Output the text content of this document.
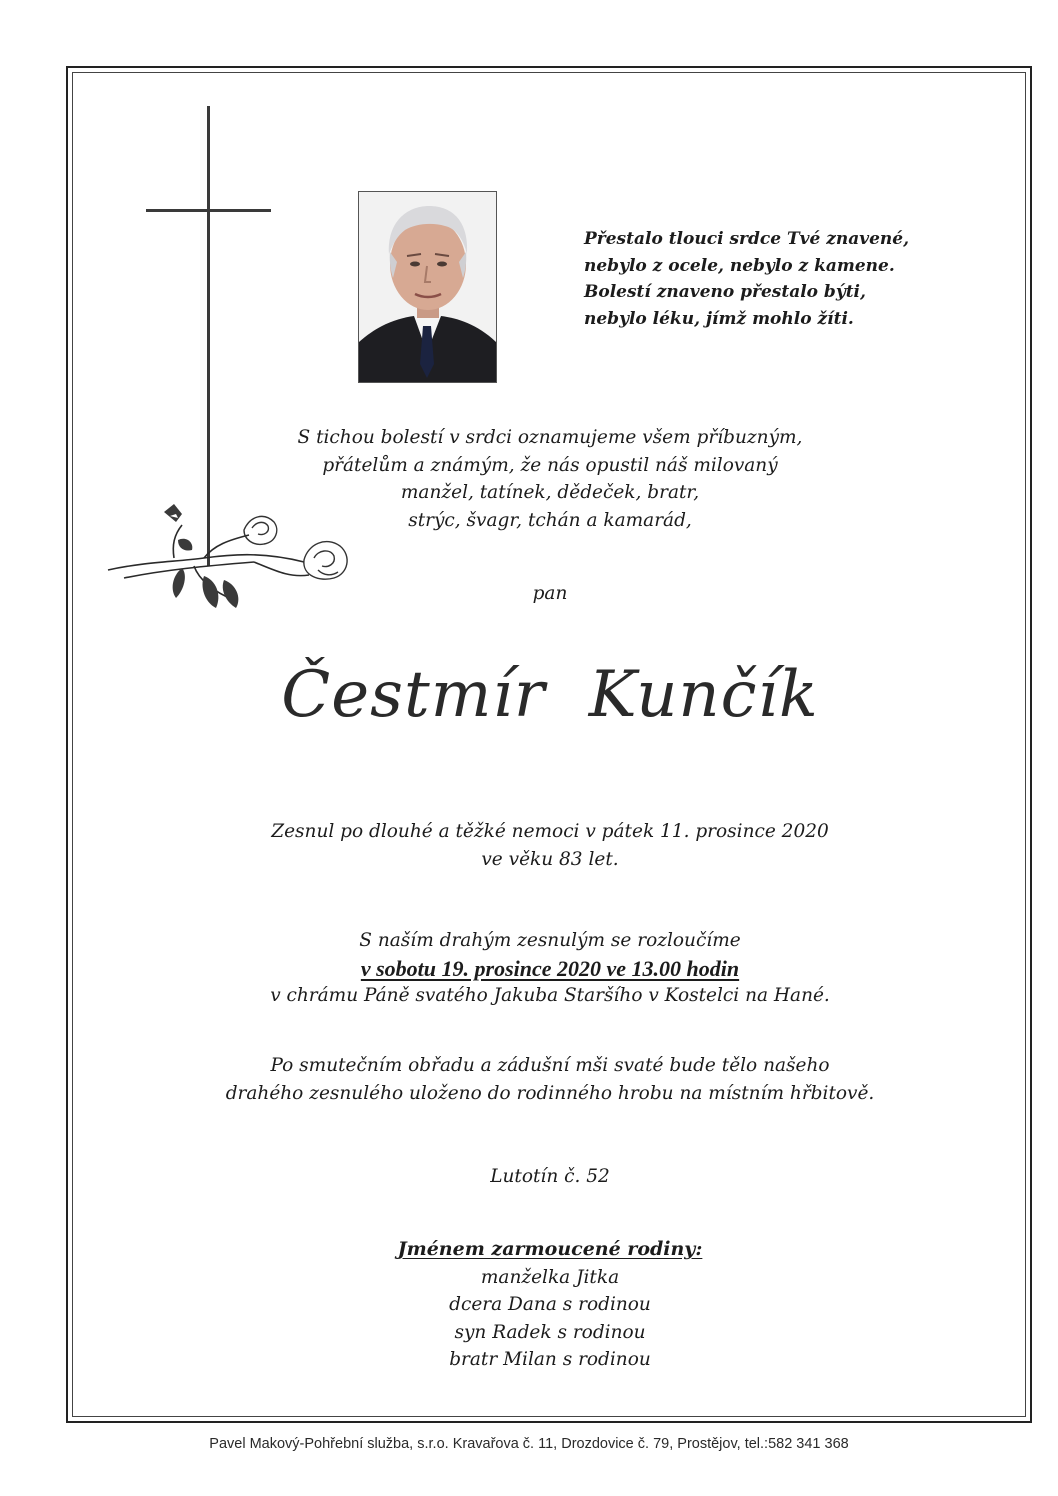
Přestalo tlouci srdce Tvé znavené,
nebylo z ocele, nebylo z kamene.
Bolestí znaveno přestalo býti,
nebylo léku, jímž mohlo žíti.
S tichou bolestí v srdci oznamujeme všem příbuzným,
přátelům a známým, že nás opustil náš milovaný
manžel, tatínek, dědeček, bratr,
strýc, švagr, tchán a kamarád,
pan
Čestmír Kunčík
Zesnul po dlouhé a těžké nemoci v pátek 11. prosince 2020
ve věku 83 let.
S naším drahým zesnulým se rozloučíme
v sobotu 19. prosince 2020 ve 13.00 hodin
v chrámu Páně svatého Jakuba Staršího v Kostelci na Hané.
Po smutečním obřadu a zádušní mši svaté bude tělo našeho
drahého zesnulého uloženo do rodinného hrobu na místním hřbitově.
Lutotín č. 52
Jménem zarmoucené rodiny:
manželka Jitka
dcera Dana s rodinou
syn Radek s rodinou
bratr Milan s rodinou
Pavel Makový-Pohřební služba, s.r.o. Kravařova č. 11, Drozdovice č. 79, Prostějov, tel.:582 341 368
